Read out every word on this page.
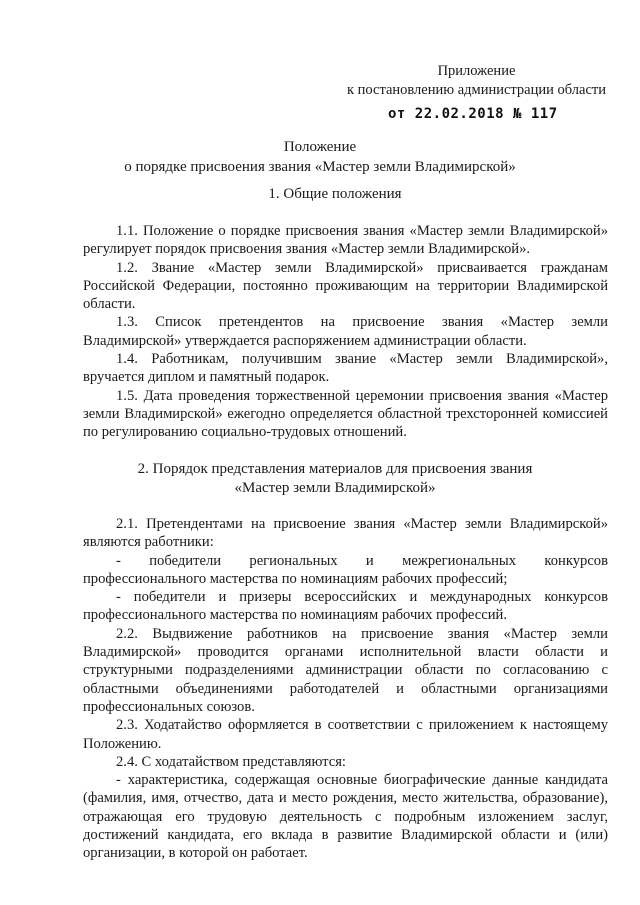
Приложение
к постановлению администрации области
от 22.02.2018 № 117
Положение
о порядке присвоения звания «Мастер земли Владимирской»
1. Общие положения

1.1. Положение о порядке присвоения звания «Мастер земли Владимирской» регулирует порядок присвоения звания «Мастер земли Владимирской».

1.2. Звание «Мастер земли Владимирской» присваивается гражданам Российской Федерации, постоянно проживающим на территории Владимирской области.

1.3. Список претендентов на присвоение звания «Мастер земли Владимирской» утверждается распоряжением администрации области.

1.4. Работникам, получившим звание «Мастер земли Владимирской», вручается диплом и памятный подарок.

1.5. Дата проведения торжественной церемонии присвоения звания «Мастер земли Владимирской» ежегодно определяется областной трехсторонней комиссией по регулированию социально-трудовых отношений.

2. Порядок представления материалов для присвоения звания
«Мастер земли Владимирской»

2.1. Претендентами на присвоение звания «Мастер земли Владимирской» являются работники:

- победители региональных и межрегиональных конкурсов профессионального мастерства по номинациям рабочих профессий;

- победители и призеры всероссийских и международных конкурсов профессионального мастерства по номинациям рабочих профессий.

2.2. Выдвижение работников на присвоение звания «Мастер земли Владимирской» проводится органами исполнительной власти области и структурными подразделениями администрации области по согласованию с областными объединениями работодателей и областными организациями профессиональных союзов.

2.3. Ходатайство оформляется в соответствии с приложением к настоящему Положению.

2.4. С ходатайством представляются:

- характеристика, содержащая основные биографические данные кандидата (фамилия, имя, отчество, дата и место рождения, место жительства, образование), отражающая его трудовую деятельность с подробным изложением заслуг, достижений кандидата, его вклада в развитие Владимирской области и (или) организации, в которой он работает.
